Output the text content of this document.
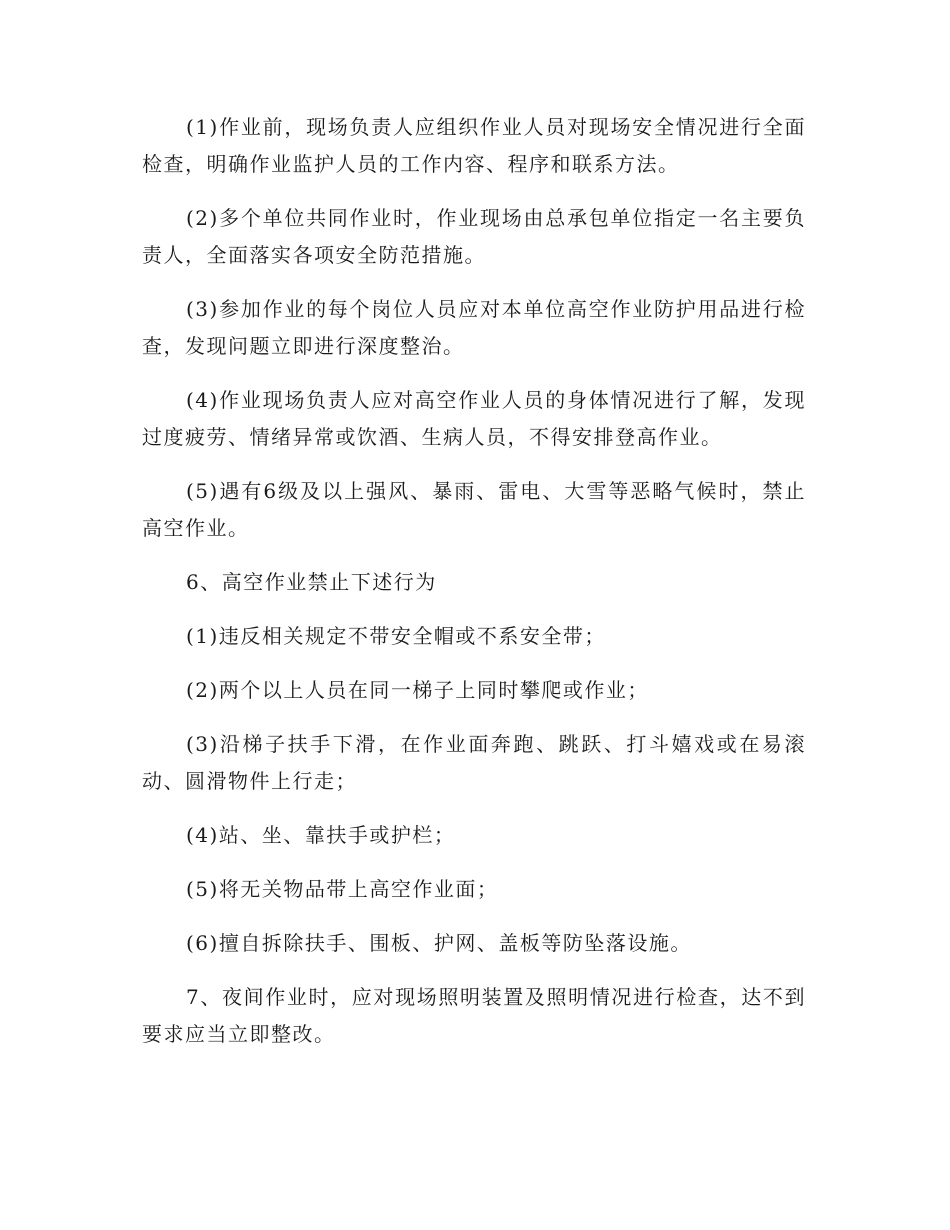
(1)作业前，现场负责人应组织作业人员对现场安全情况进行全面检查，明确作业监护人员的工作内容、程序和联系方法。

(2)多个单位共同作业时，作业现场由总承包单位指定一名主要负责人，全面落实各项安全防范措施。

(3)参加作业的每个岗位人员应对本单位高空作业防护用品进行检查，发现问题立即进行深度整治。

(4)作业现场负责人应对高空作业人员的身体情况进行了解，发现过度疲劳、情绪异常或饮酒、生病人员，不得安排登高作业。

(5)遇有6级及以上强风、暴雨、雷电、大雪等恶略气候时，禁止高空作业。

6、高空作业禁止下述行为

(1)违反相关规定不带安全帽或不系安全带；

(2)两个以上人员在同一梯子上同时攀爬或作业；

(3)沿梯子扶手下滑，在作业面奔跑、跳跃、打斗嬉戏或在易滚动、圆滑物件上行走；

(4)站、坐、靠扶手或护栏；

(5)将无关物品带上高空作业面；

(6)擅自拆除扶手、围板、护网、盖板等防坠落设施。

7、夜间作业时，应对现场照明装置及照明情况进行检查，达不到要求应当立即整改。
